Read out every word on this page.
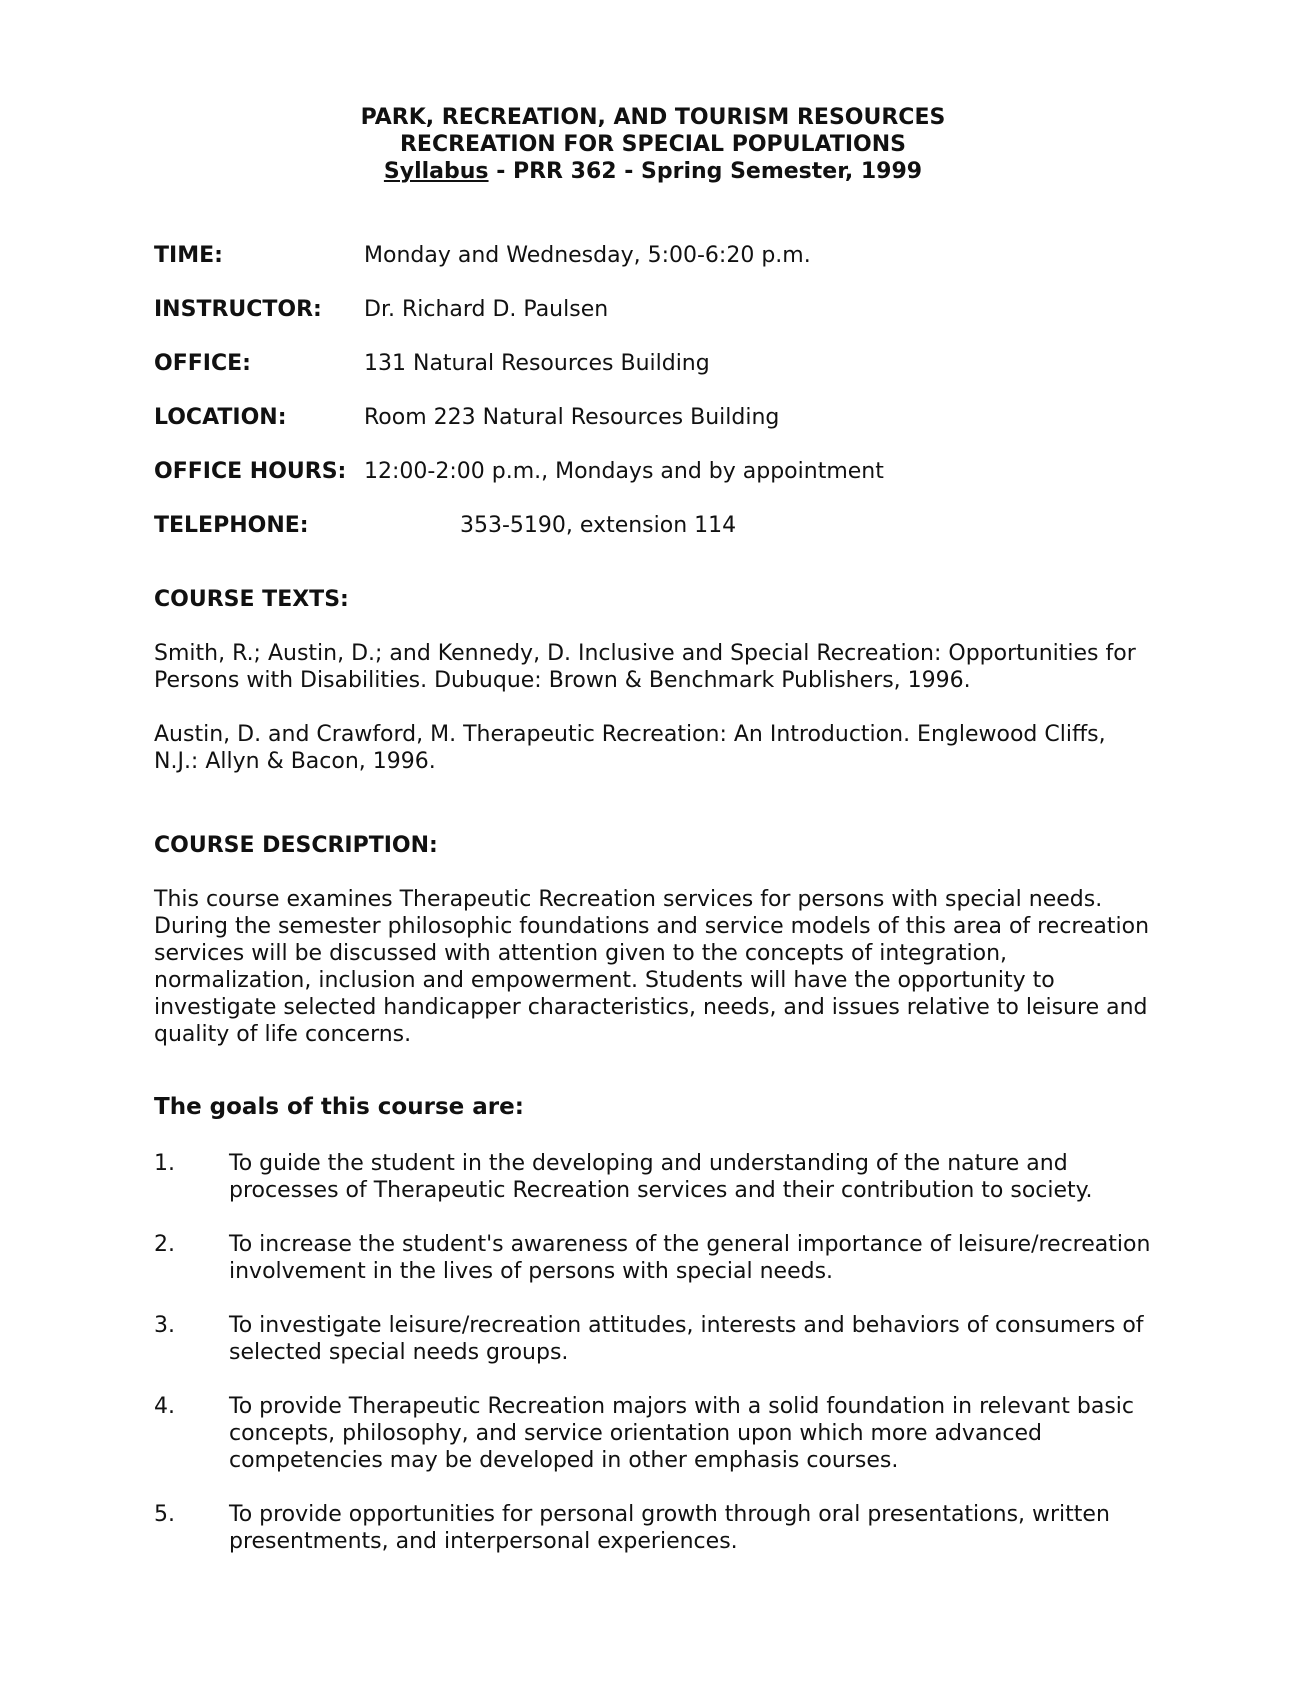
PARK, RECREATION, AND TOURISM RESOURCES
RECREATION FOR SPECIAL POPULATIONS
Syllabus - PRR 362 - Spring Semester, 1999
TIME:	Monday and Wednesday, 5:00-6:20 p.m.
INSTRUCTOR:	Dr. Richard D. Paulsen
OFFICE:	131 Natural Resources Building
LOCATION:	Room 223 Natural Resources Building
OFFICE HOURS: 12:00-2:00 p.m., Mondays and by appointment
TELEPHONE:	353-5190, extension 114
COURSE TEXTS:

Smith, R.; Austin, D.; and Kennedy, D. Inclusive and Special Recreation: Opportunities for Persons with Disabilities. Dubuque: Brown & Benchmark Publishers, 1996.

Austin, D. and Crawford, M. Therapeutic Recreation: An Introduction. Englewood Cliffs, N.J.: Allyn & Bacon, 1996.

COURSE DESCRIPTION:

This course examines Therapeutic Recreation services for persons with special needs. During the semester philosophic foundations and service models of this area of recreation services will be discussed with attention given to the concepts of integration, normalization, inclusion and empowerment. Students will have the opportunity to investigate selected handicapper characteristics, needs, and issues relative to leisure and quality of life concerns.

The goals of this course are:
1.	To guide the student in the developing and understanding of the nature and processes of Therapeutic Recreation services and their contribution to society.
2.	To increase the student's awareness of the general importance of leisure/recreation involvement in the lives of persons with special needs.
3.	To investigate leisure/recreation attitudes, interests and behaviors of consumers of selected special needs groups.
4.	To provide Therapeutic Recreation majors with a solid foundation in relevant basic concepts, philosophy, and service orientation upon which more advanced competencies may be developed in other emphasis courses.
5.	To provide opportunities for personal growth through oral presentations, written presentments, and interpersonal experiences.
